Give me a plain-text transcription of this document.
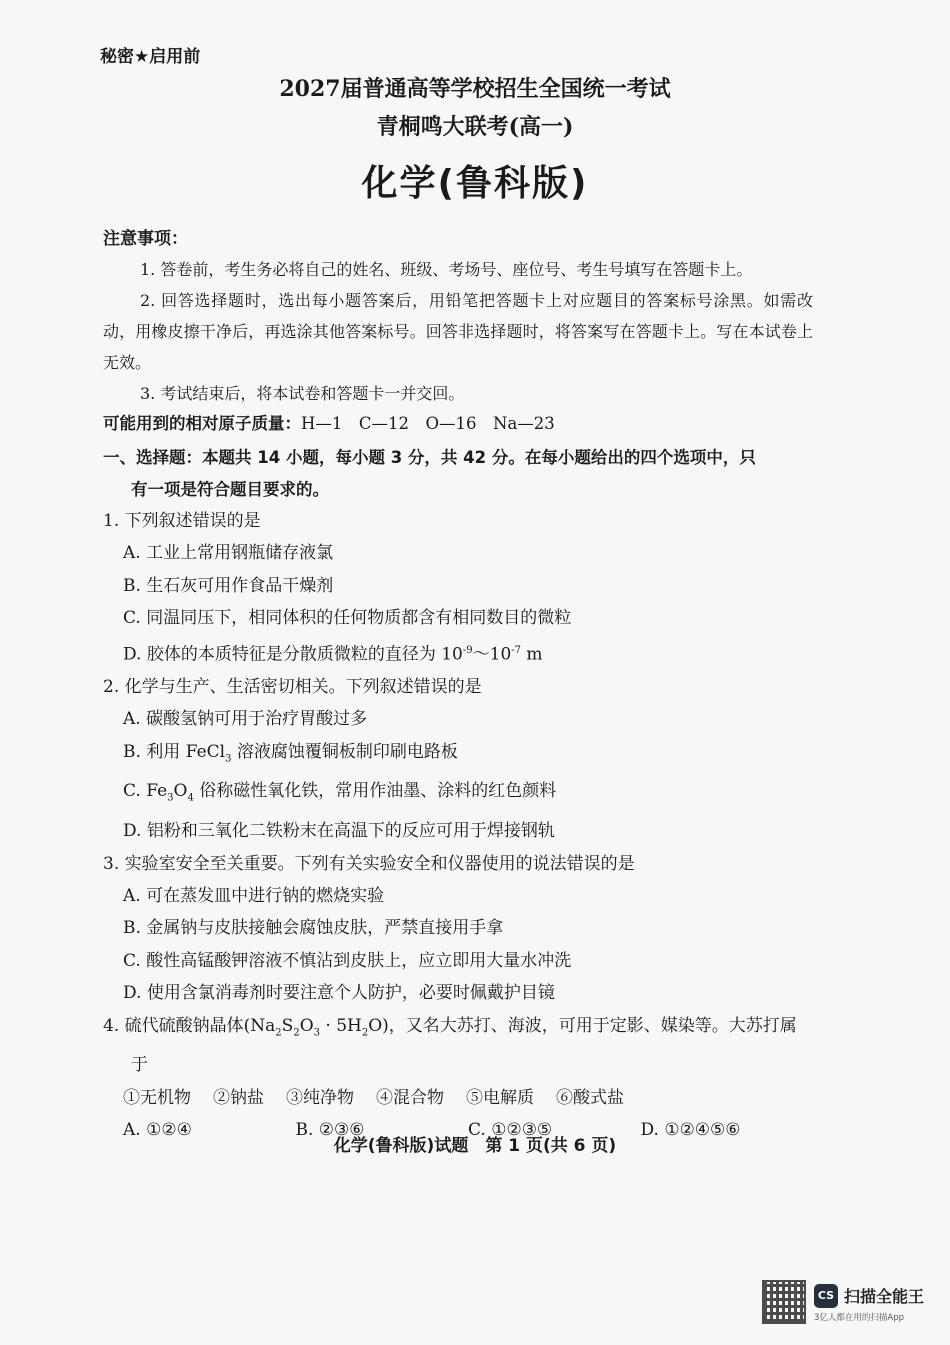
秘密★启用前
2027届普通高等学校招生全国统一考试
青桐鸣大联考(高一)
化学(鲁科版)
注意事项：

1. 答卷前，考生务必将自己的姓名、班级、考场号、座位号、考生号填写在答题卡上。

2. 回答选择题时，选出每小题答案后，用铅笔把答题卡上对应题目的答案标号涂黑。如需改动，用橡皮擦干净后，再选涂其他答案标号。回答非选择题时，将答案写在答题卡上。写在本试卷上无效。

3. 考试结束后，将本试卷和答题卡一并交回。

可能用到的相对原子质量：H—1　C—12　O—16　Na—23
一、选择题：本题共 14 小题，每小题 3 分，共 42 分。在每小题给出的四个选项中，只
有一项是符合题目要求的。

1. 下列叙述错误的是

A. 工业上常用钢瓶储存液氯

B. 生石灰可用作食品干燥剂

C. 同温同压下，相同体积的任何物质都含有相同数目的微粒

D. 胶体的本质特征是分散质微粒的直径为 $10^{-9}\sim 10^{-7}$ m

2. 化学与生产、生活密切相关。下列叙述错误的是

A. 碳酸氢钠可用于治疗胃酸过多

B. 利用 FeCl$_3$ 溶液腐蚀覆铜板制印刷电路板

C. $Fe_3O_4$ 俗称磁性氧化铁，常用作油墨、涂料的红色颜料

D. 铝粉和三氧化二铁粉末在高温下的反应可用于焊接钢轨

3. 实验室安全至关重要。下列有关实验安全和仪器使用的说法错误的是

A. 可在蒸发皿中进行钠的燃烧实验

B. 金属钠与皮肤接触会腐蚀皮肤，严禁直接用手拿

C. 酸性高锰酸钾溶液不慎沾到皮肤上，应立即用大量水冲洗

D. 使用含氯消毒剂时要注意个人防护，必要时佩戴护目镜

4. 硫代硫酸钠晶体$(Na_2S_2O_3 \cdot 5H_2O)$，又名大苏打、海波，可用于定影、媒染等。大苏打属于

①无机物 ②钠盐 ③纯净物 ④混合物 ⑤电解质 ⑥酸式盐
A. ①②④	B. ②③⑥	C. ①②③⑤	D. ①②④⑤⑥
化学(鲁科版)试题　第 1 页(共 6 页)
CS 扫描全能王
3亿人都在用的扫描App
